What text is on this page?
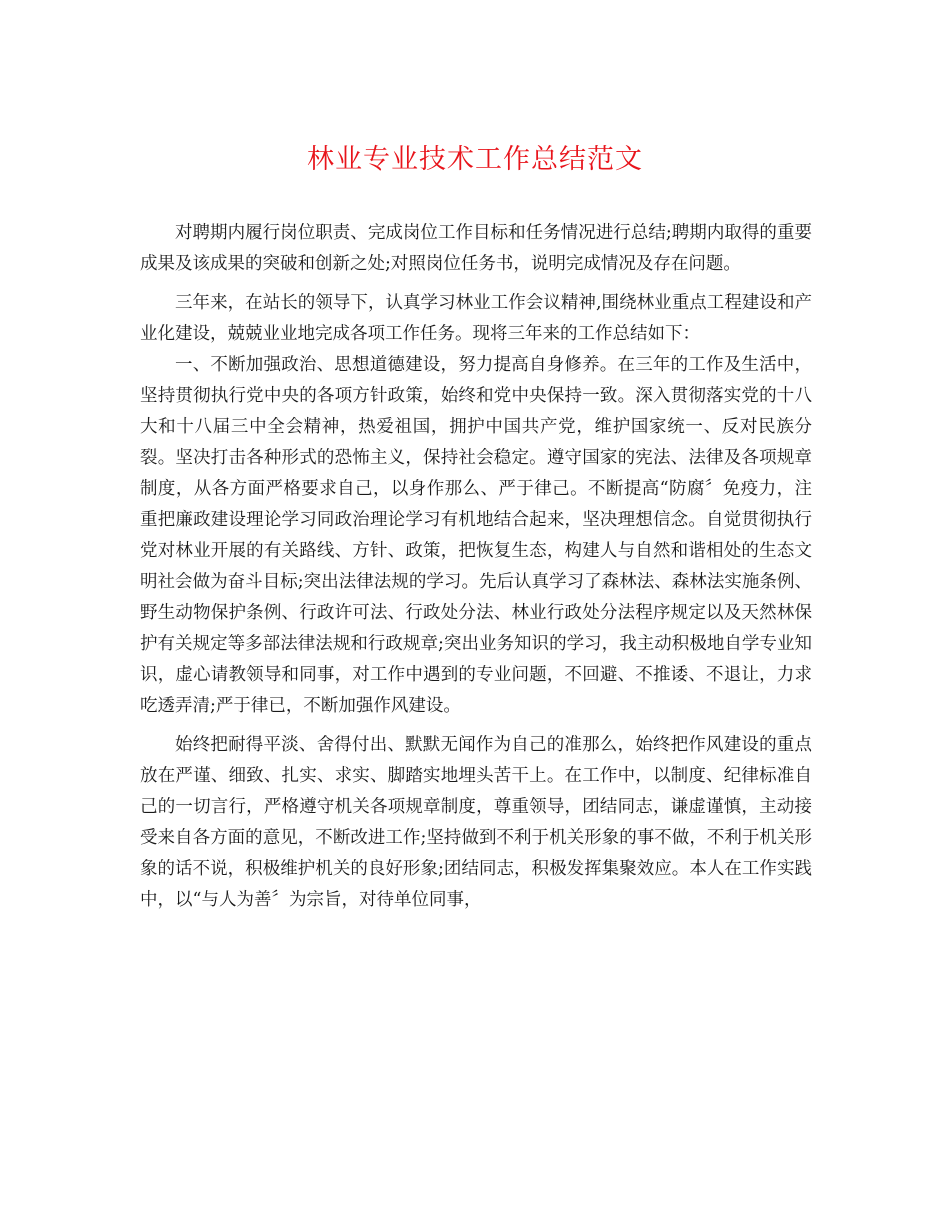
林业专业技术工作总结范文

对聘期内履行岗位职责、完成岗位工作目标和任务情况进行总结;聘期内取得的重要成果及该成果的突破和创新之处;对照岗位任务书，说明完成情况及存在问题。

三年来，在站长的领导下，认真学习林业工作会议精神,围绕林业重点工程建设和产业化建设，兢兢业业地完成各项工作任务。现将三年来的工作总结如下：

一、不断加强政治、思想道德建设，努力提高自身修养。在三年的工作及生活中，坚持贯彻执行党中央的各项方针政策，始终和党中央保持一致。深入贯彻落实党的十八大和十八届三中全会精神，热爱祖国，拥护中国共产党，维护国家统一、反对民族分裂。坚决打击各种形式的恐怖主义，保持社会稳定。遵守国家的宪法、法律及各项规章制度，从各方面严格要求自己，以身作那么、严于律己。不断提高“防腐〞免疫力，注重把廉政建设理论学习同政治理论学习有机地结合起来，坚决理想信念。自觉贯彻执行党对林业开展的有关路线、方针、政策，把恢复生态，构建人与自然和谐相处的生态文明社会做为奋斗目标;突出法律法规的学习。先后认真学习了森林法、森林法实施条例、野生动物保护条例、行政许可法、行政处分法、林业行政处分法程序规定以及天然林保护有关规定等多部法律法规和行政规章;突出业务知识的学习，我主动积极地自学专业知识，虚心请教领导和同事，对工作中遇到的专业问题，不回避、不推诿、不退让，力求吃透弄清;严于律已，不断加强作风建设。

始终把耐得平淡、舍得付出、默默无闻作为自己的准那么，始终把作风建设的重点放在严谨、细致、扎实、求实、脚踏实地埋头苦干上。在工作中，以制度、纪律标准自己的一切言行，严格遵守机关各项规章制度，尊重领导，团结同志，谦虚谨慎，主动接受来自各方面的意见，不断改进工作;坚持做到不利于机关形象的事不做，不利于机关形象的话不说，积极维护机关的良好形象;团结同志，积极发挥集聚效应。本人在工作实践中，以“与人为善〞为宗旨，对待单位同事，
